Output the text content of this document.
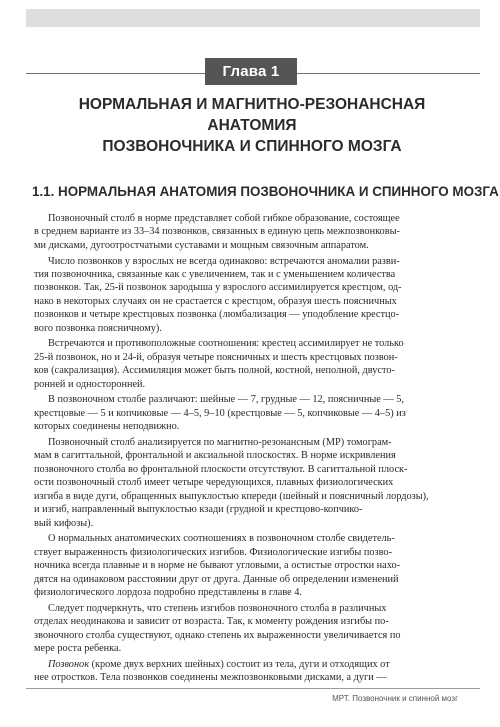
Глава 1
НОРМАЛЬНАЯ И МАГНИТНО-РЕЗОНАНСНАЯ АНАТОМИЯ
ПОЗВОНОЧНИКА И СПИННОГО МОЗГА
1.1. НОРМАЛЬНАЯ АНАТОМИЯ ПОЗВОНОЧНИКА И СПИННОГО МОЗГА
Позвоночный столб в норме представляет собой гибкое образование, состоящее
в среднем варианте из 33–34 позвонков, связанных в единую цепь межпозвонковы-
ми дисками, дугоотростчатыми суставами и мощным связочным аппаратом.
Число позвонков у взрослых не всегда одинаково: встречаются аномалии разви-
тия позвоночника, связанные как с увеличением, так и с уменьшением количества
позвонков. Так, 25-й позвонок зародыша у взрослого ассимилируется крестцом, од-
нако в некоторых случаях он не срастается с крестцом, образуя шесть поясничных
позвонков и четыре крестцовых позвонка (люмбализация — уподобление крестцо-
вого позвонка поясничному).
Встречаются и противоположные соотношения: крестец ассимилирует не только
25-й позвонок, но и 24-й, образуя четыре поясничных и шесть крестцовых позвон-
ков (сакрализация). Ассимиляция может быть полной, костной, неполной, двусто-
ронней и односторонней.
В позвоночном столбе различают: шейные — 7, грудные — 12, поясничные — 5,
крестцовые — 5 и копчиковые — 4–5, 9–10 (крестцовые — 5, копчиковые — 4–5) из
которых соединены неподвижно.
Позвоночный столб анализируется по магнитно-резонансным (МР) томограм-
мам в сагиттальной, фронтальной и аксиальной плоскостях. В норме искривления
позвоночного столба во фронтальной плоскости отсутствуют. В сагиттальной плоск-
ости позвоночный столб имеет четыре чередующихся, плавных физиологических
изгиба в виде дуги, обращенных выпуклостью кпереди (шейный и поясничный лордозы),
и изгиб, направленный выпуклостью кзади (грудной и крестцово-копчико-
вый кифозы).
О нормальных анатомических соотношениях в позвоночном столбе свидетель-
ствует выраженность физиологических изгибов. Физиологические изгибы позво-
ночника всегда плавные и в норме не бывают угловыми, а остистые отростки нахо-
дятся на одинаковом расстоянии друг от друга. Данные об определении изменений
физиологического лордоза подробно представлены в главе 4.
Следует подчеркнуть, что степень изгибов позвоночного столба в различных
отделах неодинакова и зависит от возраста. Так, к моменту рождения изгибы по-
звоночного столба существуют, однако степень их выраженности увеличивается по
мере роста ребенка.
Позвонок (кроме двух верхних шейных) состоит из тела, дуги и отходящих от
нее отростков. Тела позвонков соединены межпозвонковыми дисками, а дуги —
МРТ. Позвоночник и спинной мозг
